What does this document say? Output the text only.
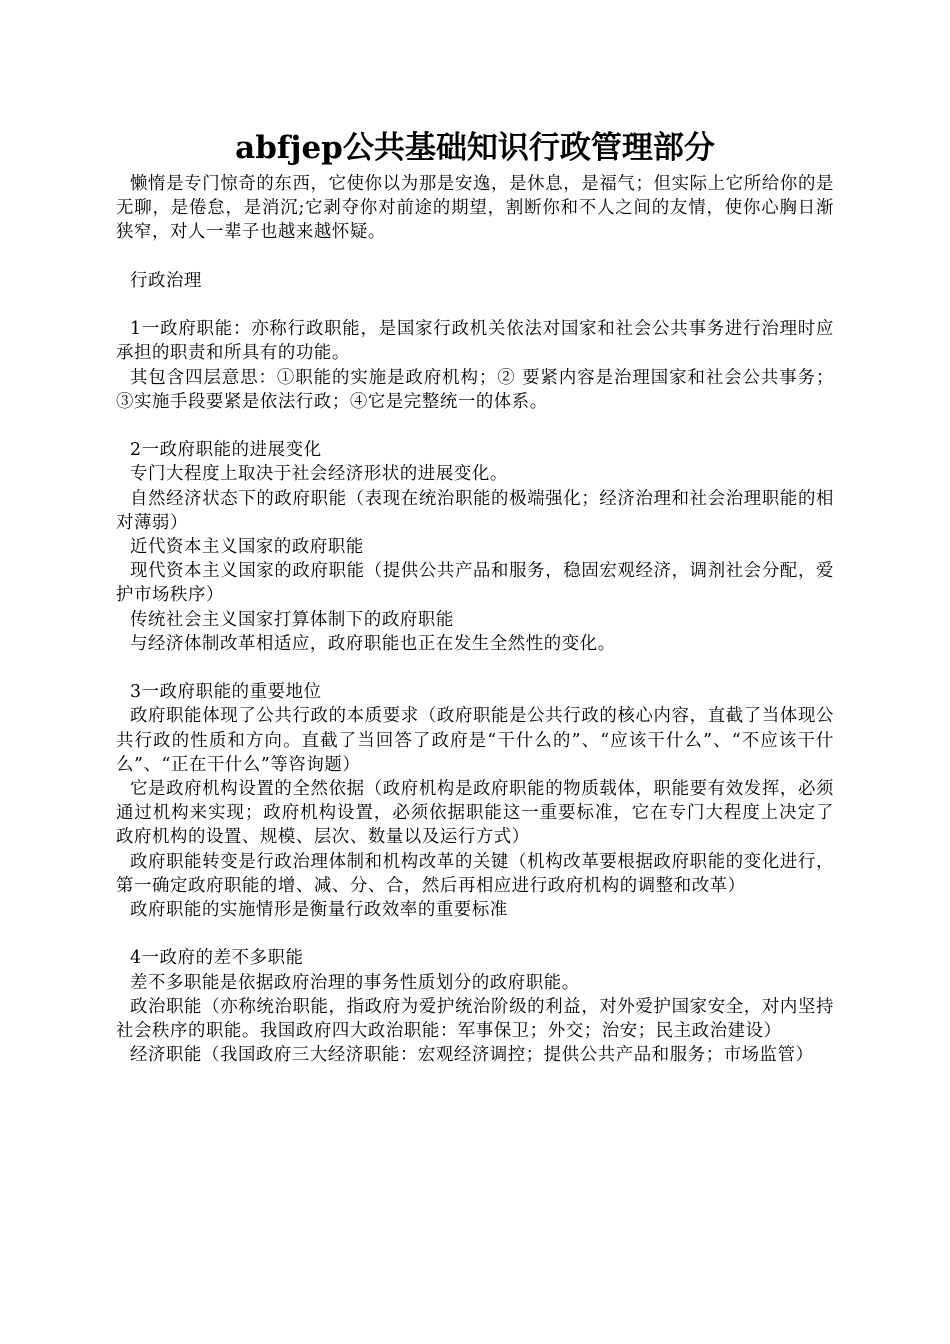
abfjep公共基础知识行政管理部分

懒惰是专门惊奇的东西，它使你以为那是安逸，是休息，是福气；但实际上它所给你的是无聊，是倦怠，是消沉;它剥夺你对前途的期望，割断你和不人之间的友情，使你心胸日渐狭窄，对人一辈子也越来越怀疑。

行政治理

1一政府职能：亦称行政职能，是国家行政机关依法对国家和社会公共事务进行治理时应承担的职责和所具有的功能。

其包含四层意思：①职能的实施是政府机构；② 要紧内容是治理国家和社会公共事务；③实施手段要紧是依法行政；④它是完整统一的体系。

2一政府职能的进展变化

专门大程度上取决于社会经济形状的进展变化。

自然经济状态下的政府职能（表现在统治职能的极端强化；经济治理和社会治理职能的相对薄弱）

近代资本主义国家的政府职能

现代资本主义国家的政府职能（提供公共产品和服务，稳固宏观经济，调剂社会分配，爱护市场秩序）

传统社会主义国家打算体制下的政府职能

与经济体制改革相适应，政府职能也正在发生全然性的变化。

3一政府职能的重要地位

政府职能体现了公共行政的本质要求（政府职能是公共行政的核心内容，直截了当体现公共行政的性质和方向。直截了当回答了政府是“干什么的”、“应该干什么”、“不应该干什么”、“正在干什么”等咨询题）

它是政府机构设置的全然依据（政府机构是政府职能的物质载体，职能要有效发挥，必须通过机构来实现；政府机构设置，必须依据职能这一重要标准，它在专门大程度上决定了政府机构的设置、规模、层次、数量以及运行方式）

政府职能转变是行政治理体制和机构改革的关键（机构改革要根据政府职能的变化进行，第一确定政府职能的增、减、分、合，然后再相应进行政府机构的调整和改革）

政府职能的实施情形是衡量行政效率的重要标准

4一政府的差不多职能

差不多职能是依据政府治理的事务性质划分的政府职能。

政治职能（亦称统治职能，指政府为爱护统治阶级的利益，对外爱护国家安全，对内坚持社会秩序的职能。我国政府四大政治职能：军事保卫；外交；治安；民主政治建设）

经济职能（我国政府三大经济职能：宏观经济调控；提供公共产品和服务；市场监管）
